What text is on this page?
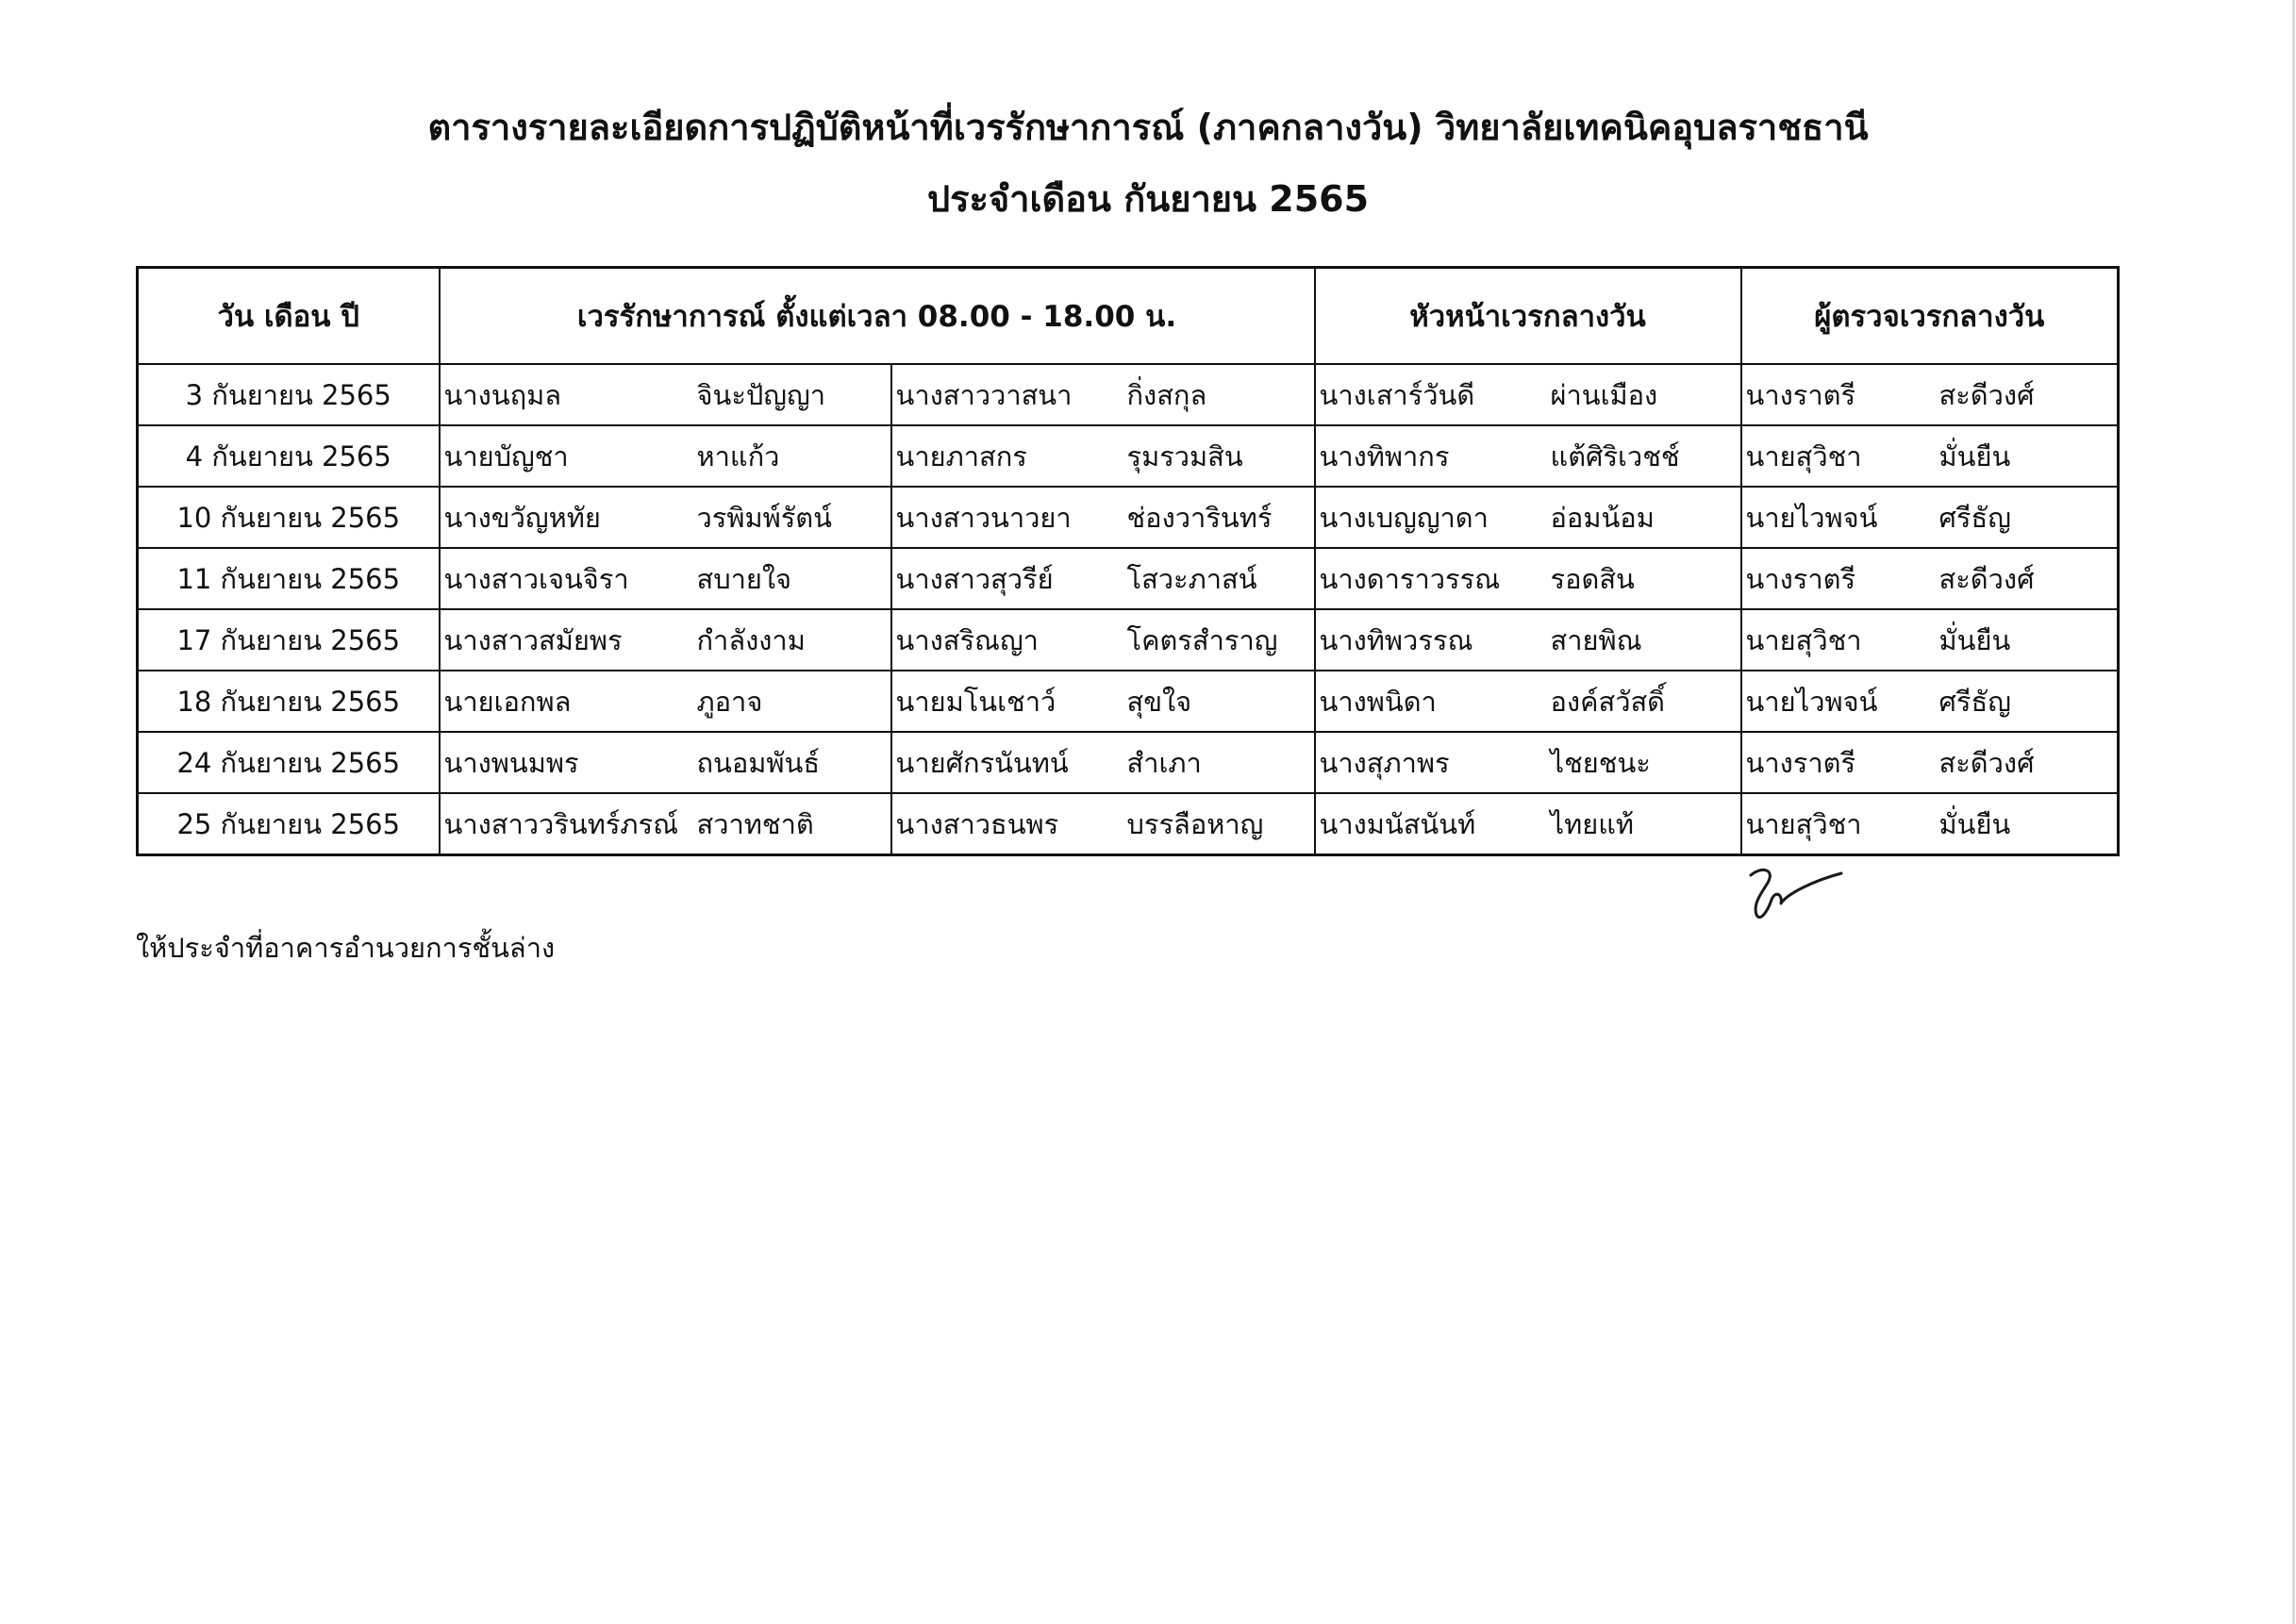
ตารางรายละเอียดการปฏิบัติหน้าที่เวรรักษาการณ์ (ภาคกลางวัน) วิทยาลัยเทคนิคอุบลราชธานี
ประจำเดือน กันยายน 2565
วัน เดือน ปี	เวรรักษาการณ์ ตั้งแต่เวลา 08.00 - 18.00 น.				หัวหน้าเวรกลางวัน		ผู้ตรวจเวรกลางวัน	
3 กันยายน 2565	นางนฤมล	จินะปัญญา	นางสาววาสนา	กิ่งสกุล	นางเสาร์วันดี	ผ่านเมือง	นางราตรี	สะดีวงศ์
4 กันยายน 2565	นายบัญชา	หาแก้ว	นายภาสกร	รุมรวมสิน	นางทิพากร	แต้ศิริเวชช์	นายสุวิชา	มั่นยืน
10 กันยายน 2565	นางขวัญหทัย	วรพิมพ์รัตน์	นางสาวนาวยา	ช่องวารินทร์	นางเบญญาดา	อ่อมน้อม	นายไวพจน์	ศรีธัญ
11 กันยายน 2565	นางสาวเจนจิรา	สบายใจ	นางสาวสุวรีย์	โสวะภาสน์	นางดาราวรรณ	รอดสิน	นางราตรี	สะดีวงศ์
17 กันยายน 2565	นางสาวสมัยพร	กำลังงาม	นางสริณญา	โคตรสำราญ	นางทิพวรรณ	สายพิณ	นายสุวิชา	มั่นยืน
18 กันยายน 2565	นายเอกพล	ภูอาจ	นายมโนเชาว์	สุขใจ	นางพนิดา	องค์สวัสดิ์	นายไวพจน์	ศรีธัญ
24 กันยายน 2565	นางพนมพร	ถนอมพันธ์	นายศักรนันทน์	สำเภา	นางสุภาพร	ไชยชนะ	นางราตรี	สะดีวงศ์
25 กันยายน 2565	นางสาววรินทร์ภรณ์	สวาทชาติ	นางสาวธนพร	บรรลือหาญ	นางมนัสนันท์	ไทยแท้	นายสุวิชา	มั่นยืน

ให้ประจำที่อาคารอำนวยการชั้นล่าง
